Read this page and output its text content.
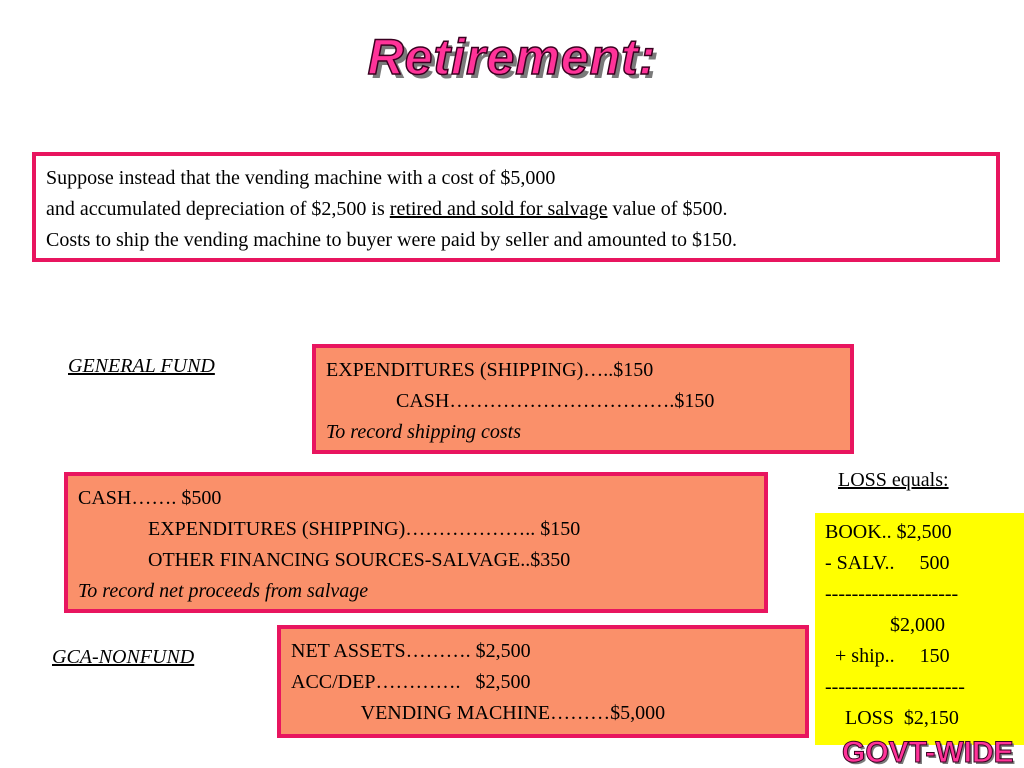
Retirement:
Suppose instead that the vending machine with a cost of $5,000
and accumulated depreciation of $2,500 is retired and sold for salvage value of $500.
Costs to ship the vending machine to buyer were paid by seller and amounted to $150.
GENERAL FUND	EXPENDITURES (SHIPPING)…..$150
CASH…………………………….$150
To record shipping costs
LOSS equals:
CASH……. $500
EXPENDITURES (SHIPPING)……………….. $150
OTHER FINANCING SOURCES-SALVAGE..$350
To record net proceeds from salvage
BOOK.. $2,500
- SALV..     500
--------------------
$2,000
+ ship..     150
---------------------
LOSS  $2,150
GCA-NONFUND	NET ASSETS………. $2,500
ACC/DEP………….   $2,500
VENDING MACHINE………$5,000
GOVT-WIDE
